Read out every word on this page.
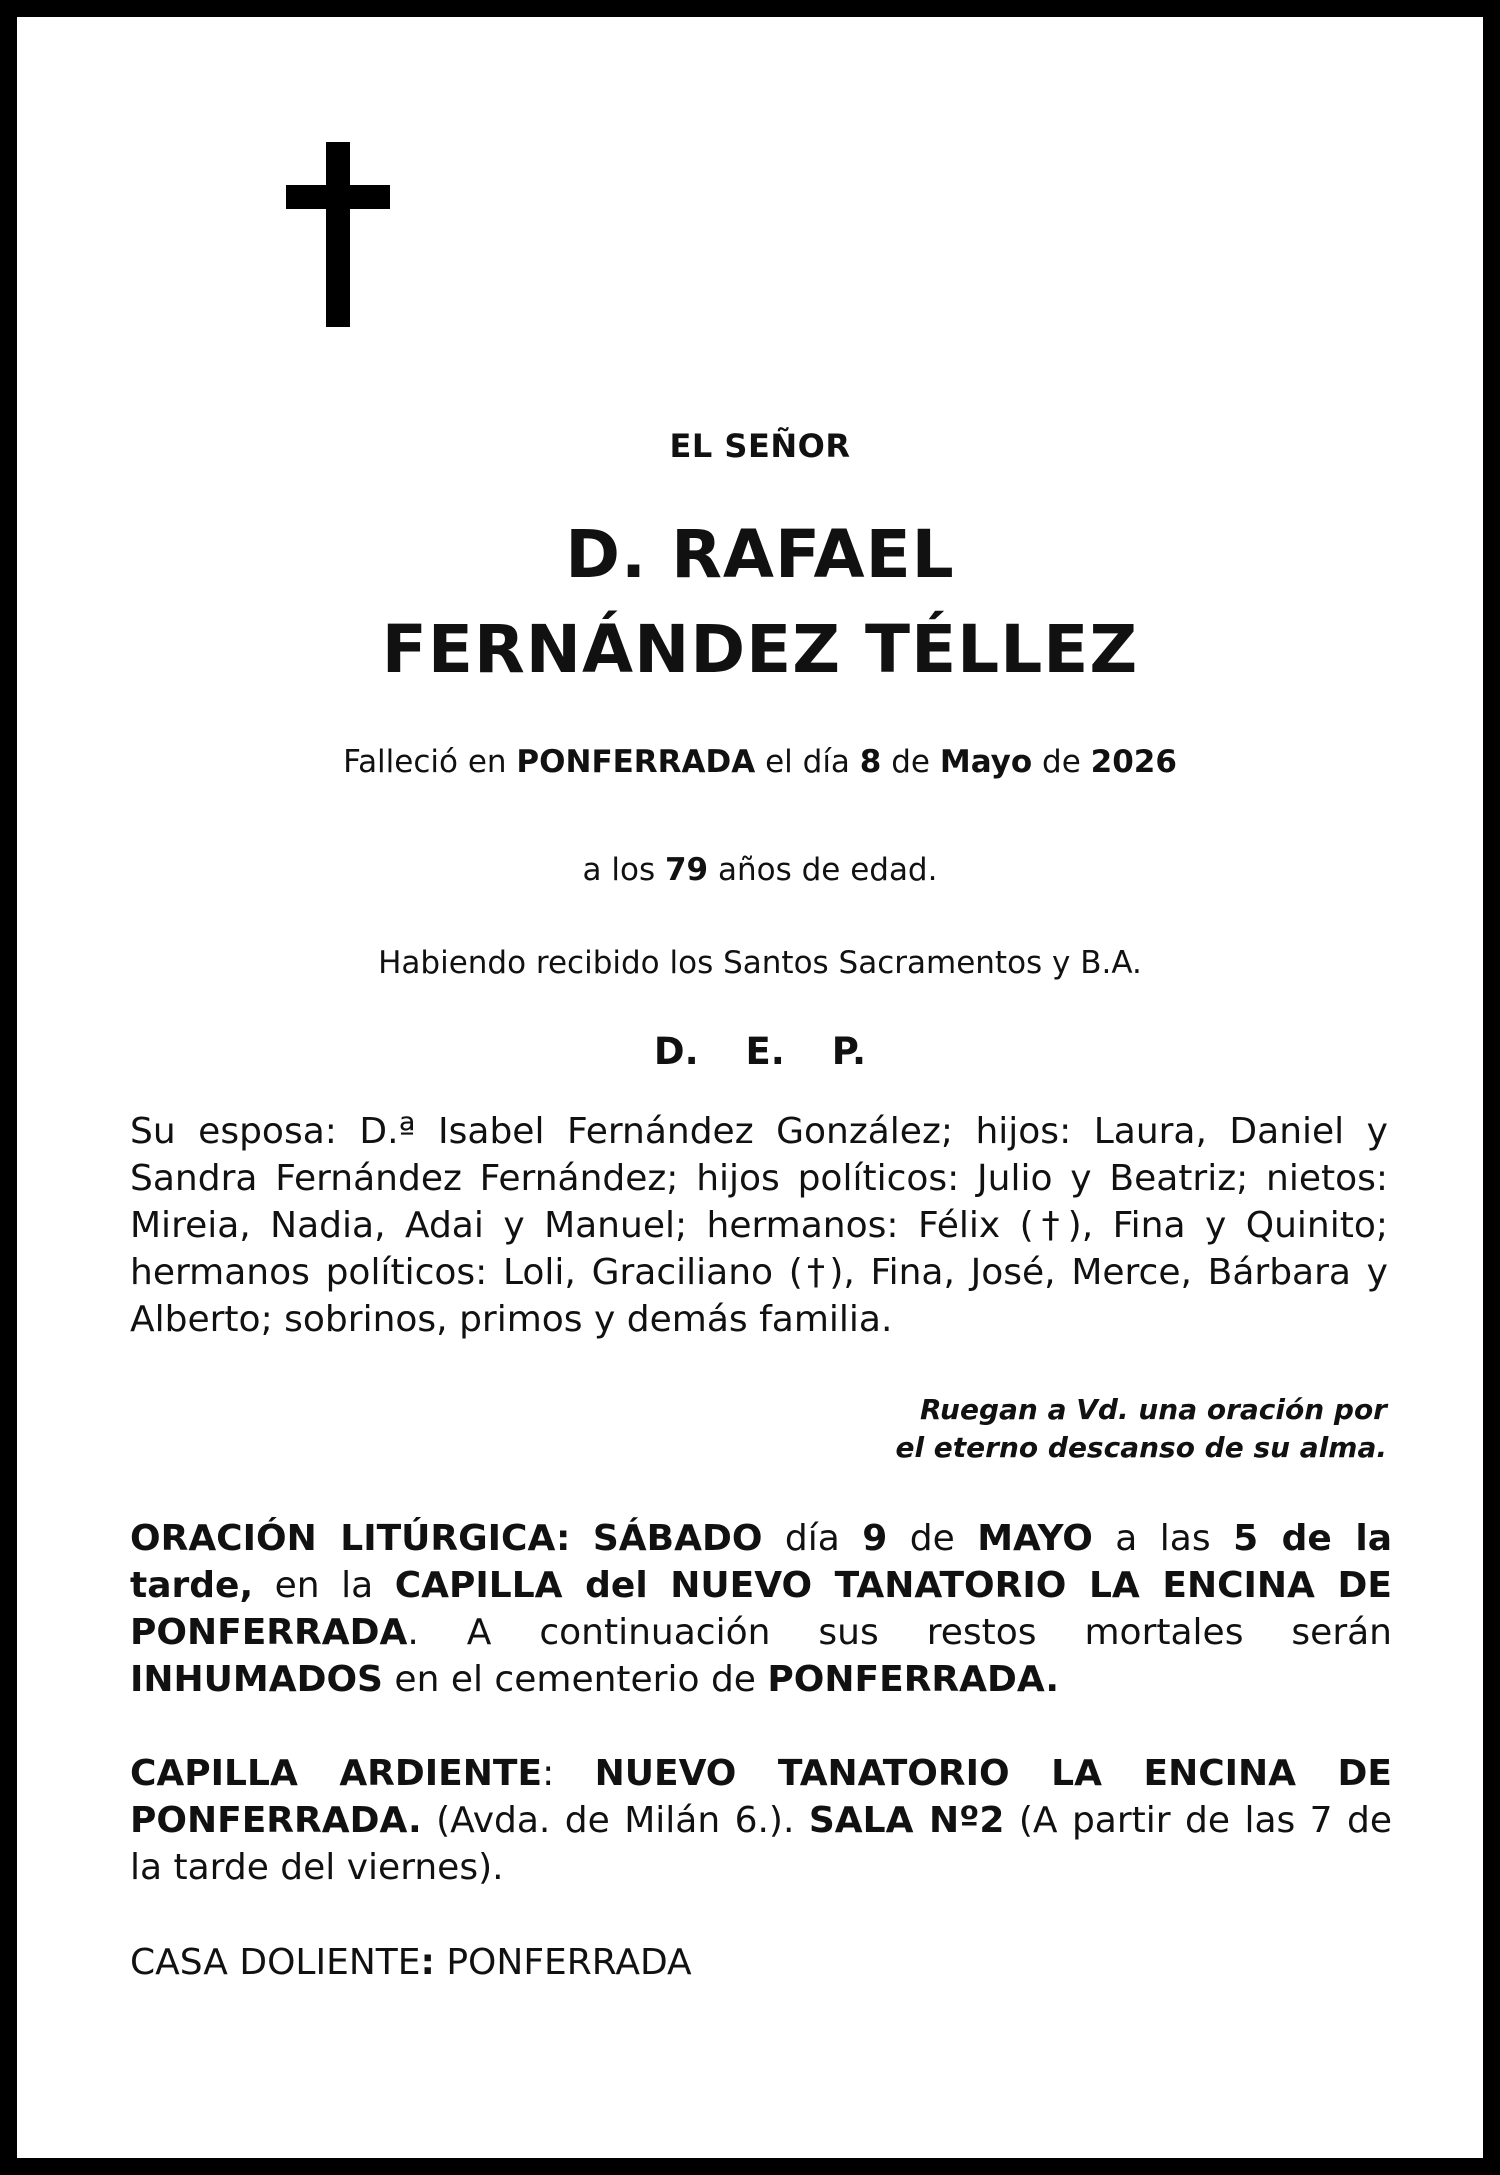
EL SEÑOR
D. RAFAEL
FERNÁNDEZ TÉLLEZ
Falleció en PONFERRADA el día 8 de Mayo de 2026
a los 79 años de edad.
Habiendo recibido los Santos Sacramentos y B.A.
D. E. P.
Su esposa: D.ª Isabel Fernández González; hijos: Laura, Daniel y Sandra Fernández Fernández; hijos políticos: Julio y Beatriz; nietos: Mireia, Nadia, Adai y Manuel; hermanos: Félix (†), Fina y Quinito; hermanos políticos: Loli, Graciliano (†), Fina, José, Merce, Bárbara y Alberto; sobrinos, primos y demás familia.
Ruegan a Vd. una oración por
el eterno descanso de su alma.
ORACIÓN LITÚRGICA: SÁBADO día 9 de MAYO a las 5 de la tarde, en la CAPILLA del NUEVO TANATORIO LA ENCINA DE PONFERRADA. A continuación sus restos mortales serán INHUMADOS en el cementerio de PONFERRADA.
CAPILLA ARDIENTE: NUEVO TANATORIO LA ENCINA DE PONFERRADA. (Avda. de Milán 6.). SALA Nº2 (A partir de las 7 de la tarde del viernes).
CASA DOLIENTE: PONFERRADA
